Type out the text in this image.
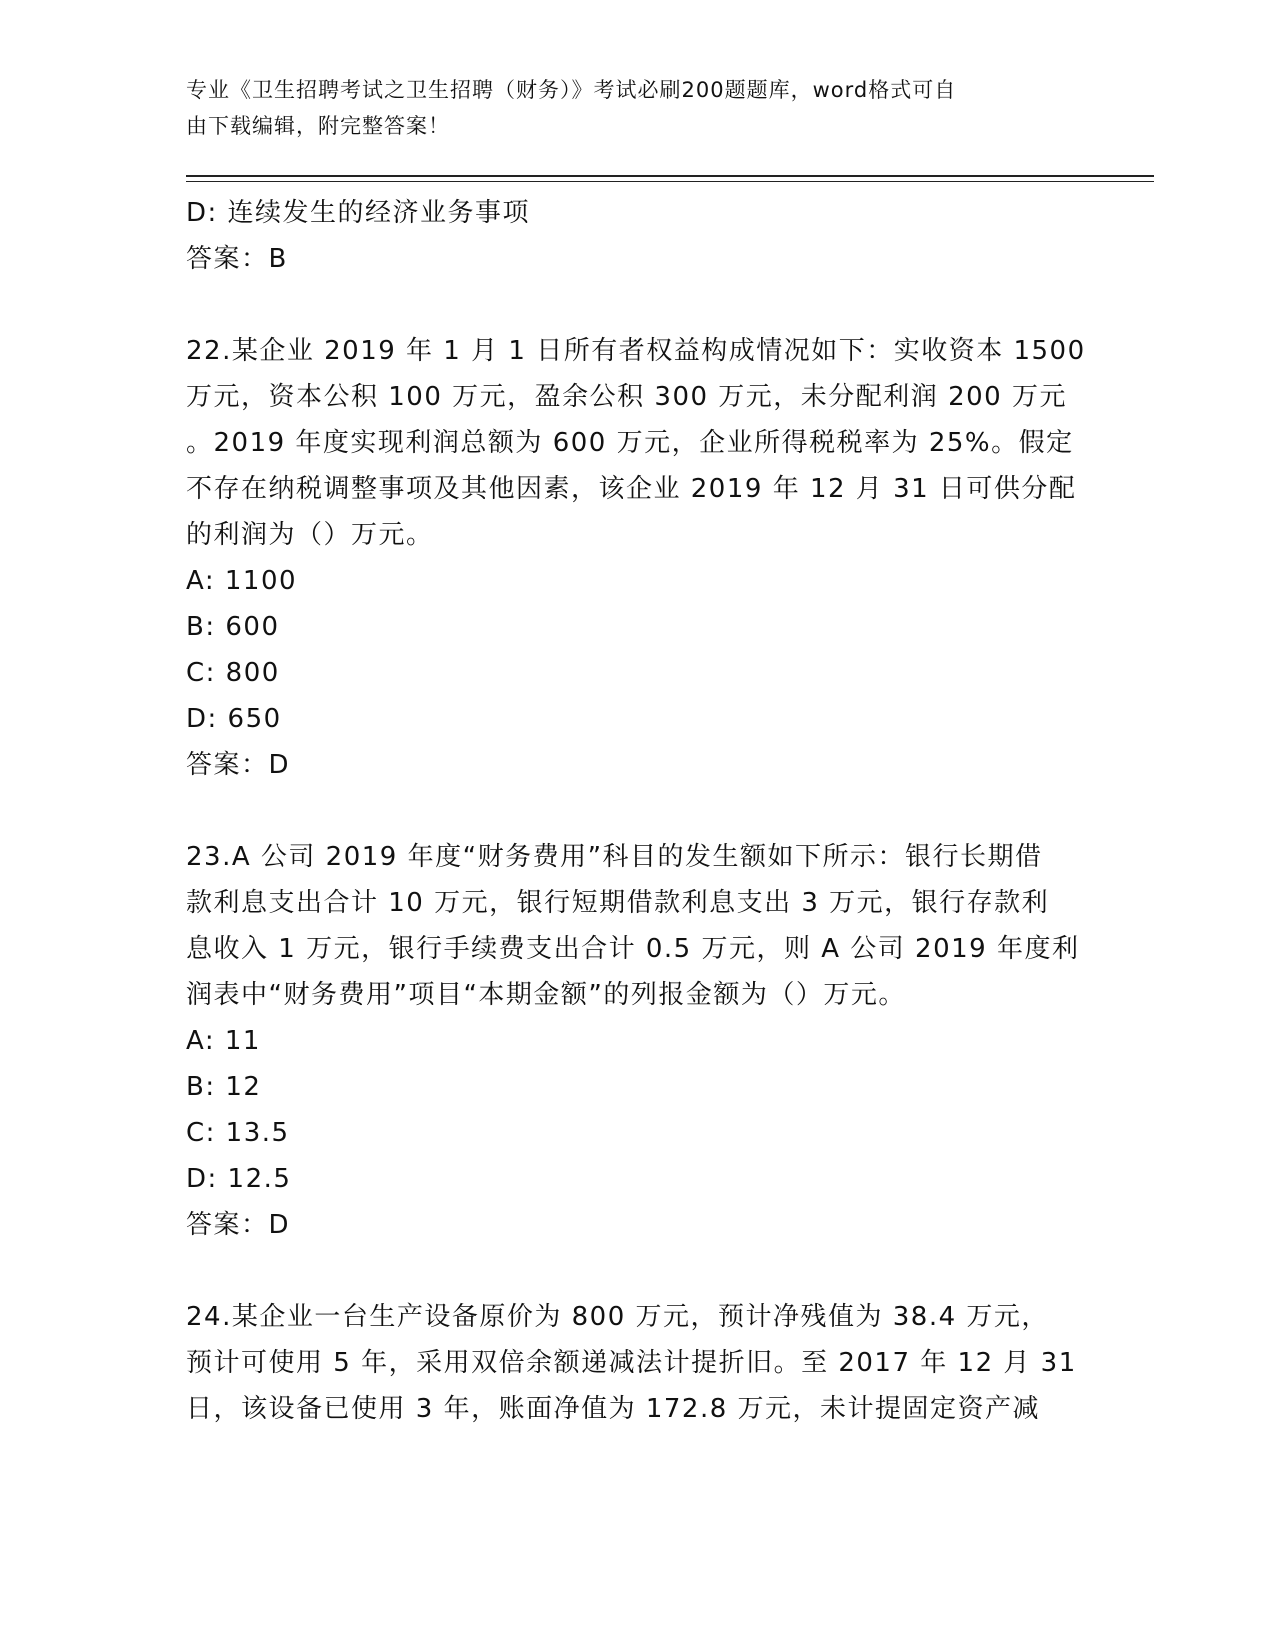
专业《卫生招聘考试之卫生招聘（财务）》考试必刷200题题库，word格式可自
由下载编辑，附完整答案！
D: 连续发生的经济业务事项
答案：B
22.某企业 2019 年 1 月 1 日所有者权益构成情况如下：实收资本 1500
万元，资本公积 100 万元，盈余公积 300 万元，未分配利润 200 万元
。2019 年度实现利润总额为 600 万元，企业所得税税率为 25%。假定
不存在纳税调整事项及其他因素，该企业 2019 年 12 月 31 日可供分配
的利润为（）万元。
A: 1100
B: 600
C: 800
D: 650
答案：D
23.A 公司 2019 年度“财务费用”科目的发生额如下所示：银行长期借
款利息支出合计 10 万元，银行短期借款利息支出 3 万元，银行存款利
息收入 1 万元，银行手续费支出合计 0.5 万元，则 A 公司 2019 年度利
润表中“财务费用”项目“本期金额”的列报金额为（）万元。
A: 11
B: 12
C: 13.5
D: 12.5
答案：D
24.某企业一台生产设备原价为 800 万元，预计净残值为 38.4 万元，
预计可使用 5 年，采用双倍余额递减法计提折旧。至 2017 年 12 月 31
日，该设备已使用 3 年，账面净值为 172.8 万元，未计提固定资产减
